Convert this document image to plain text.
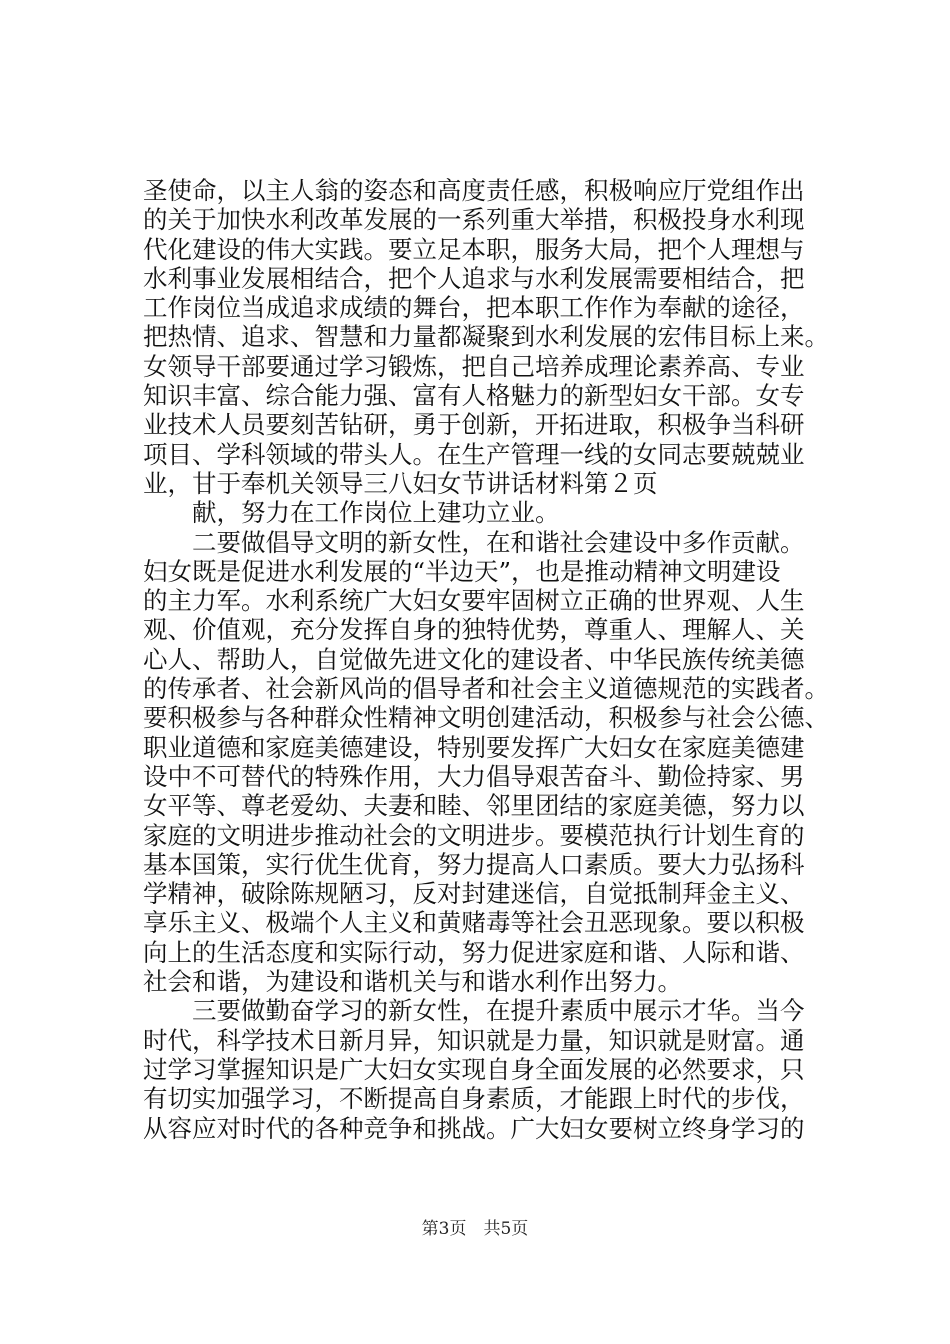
圣使命，以主人翁的姿态和高度责任感，积极响应厅党组作出
的关于加快水利改革发展的一系列重大举措，积极投身水利现
代化建设的伟大实践。要立足本职，服务大局，把个人理想与
水利事业发展相结合，把个人追求与水利发展需要相结合，把
工作岗位当成追求成绩的舞台，把本职工作作为奉献的途径，
把热情、追求、智慧和力量都凝聚到水利发展的宏伟目标上来。
女领导干部要通过学习锻炼，把自己培养成理论素养高、专业
知识丰富、综合能力强、富有人格魅力的新型妇女干部。女专
业技术人员要刻苦钻研，勇于创新，开拓进取，积极争当科研
项目、学科领域的带头人。在生产管理一线的女同志要兢兢业
业，甘于奉机关领导三八妇女节讲话材料第２页
　　献，努力在工作岗位上建功立业。
　　二要做倡导文明的新女性，在和谐社会建设中多作贡献。
妇女既是促进水利发展的“半边天”，也是推动精神文明建设
的主力军。水利系统广大妇女要牢固树立正确的世界观、人生
观、价值观，充分发挥自身的独特优势，尊重人、理解人、关
心人、帮助人，自觉做先进文化的建设者、中华民族传统美德
的传承者、社会新风尚的倡导者和社会主义道德规范的实践者。
要积极参与各种群众性精神文明创建活动，积极参与社会公德、
职业道德和家庭美德建设，特别要发挥广大妇女在家庭美德建
设中不可替代的特殊作用，大力倡导艰苦奋斗、勤俭持家、男
女平等、尊老爱幼、夫妻和睦、邻里团结的家庭美德，努力以
家庭的文明进步推动社会的文明进步。要模范执行计划生育的
基本国策，实行优生优育，努力提高人口素质。要大力弘扬科
学精神，破除陈规陋习，反对封建迷信，自觉抵制拜金主义、
享乐主义、极端个人主义和黄赌毒等社会丑恶现象。要以积极
向上的生活态度和实际行动，努力促进家庭和谐、人际和谐、
社会和谐，为建设和谐机关与和谐水利作出努力。
　　三要做勤奋学习的新女性，在提升素质中展示才华。当今
时代，科学技术日新月异，知识就是力量，知识就是财富。通
过学习掌握知识是广大妇女实现自身全面发展的必然要求，只
有切实加强学习，不断提高自身素质，才能跟上时代的步伐，
从容应对时代的各种竞争和挑战。广大妇女要树立终身学习的
第3页　共5页
